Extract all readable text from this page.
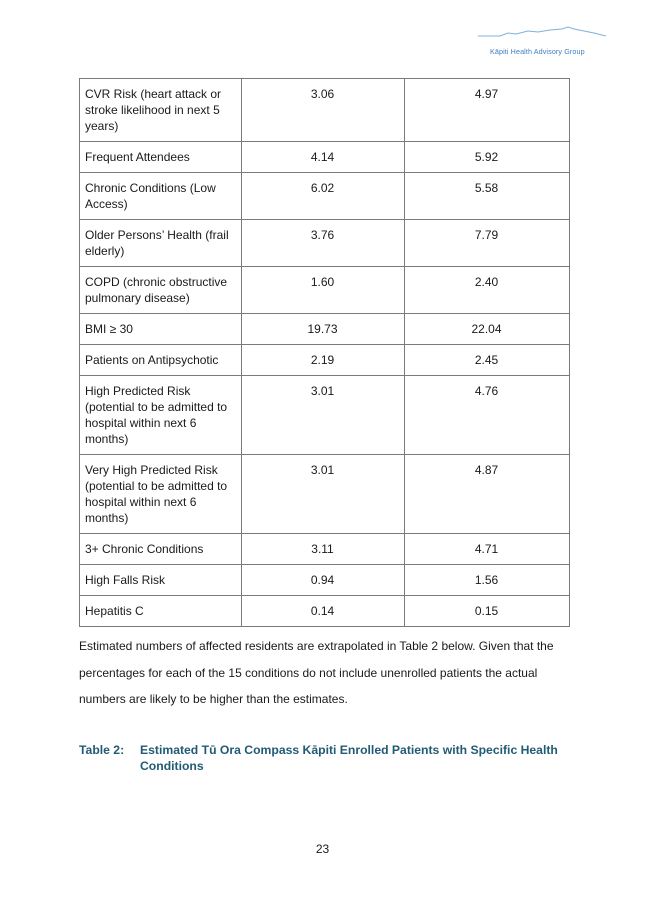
Kāpiti Health Advisory Group
CVR Risk (heart attack or stroke likelihood in next 5 years)	3.06	4.97
Frequent Attendees	4.14	5.92
Chronic Conditions (Low Access)	6.02	5.58
Older Persons’ Health (frail elderly)	3.76	7.79
COPD (chronic obstructive pulmonary disease)	1.60	2.40
BMI ≥ 30	19.73	22.04
Patients on Antipsychotic	2.19	2.45
High Predicted Risk (potential to be admitted to hospital within next 6 months)	3.01	4.76
Very High Predicted Risk (potential to be admitted to hospital within next 6 months)	3.01	4.87
3+ Chronic Conditions	3.11	4.71
High Falls Risk	0.94	1.56
Hepatitis C	0.14	0.15

Estimated numbers of affected residents are extrapolated in Table 2 below. Given that the percentages for each of the 15 conditions do not include unenrolled patients the actual numbers are likely to be higher than the estimates.

Table 2: Estimated Tū Ora Compass Kāpiti Enrolled Patients with Specific Health Conditions
23
